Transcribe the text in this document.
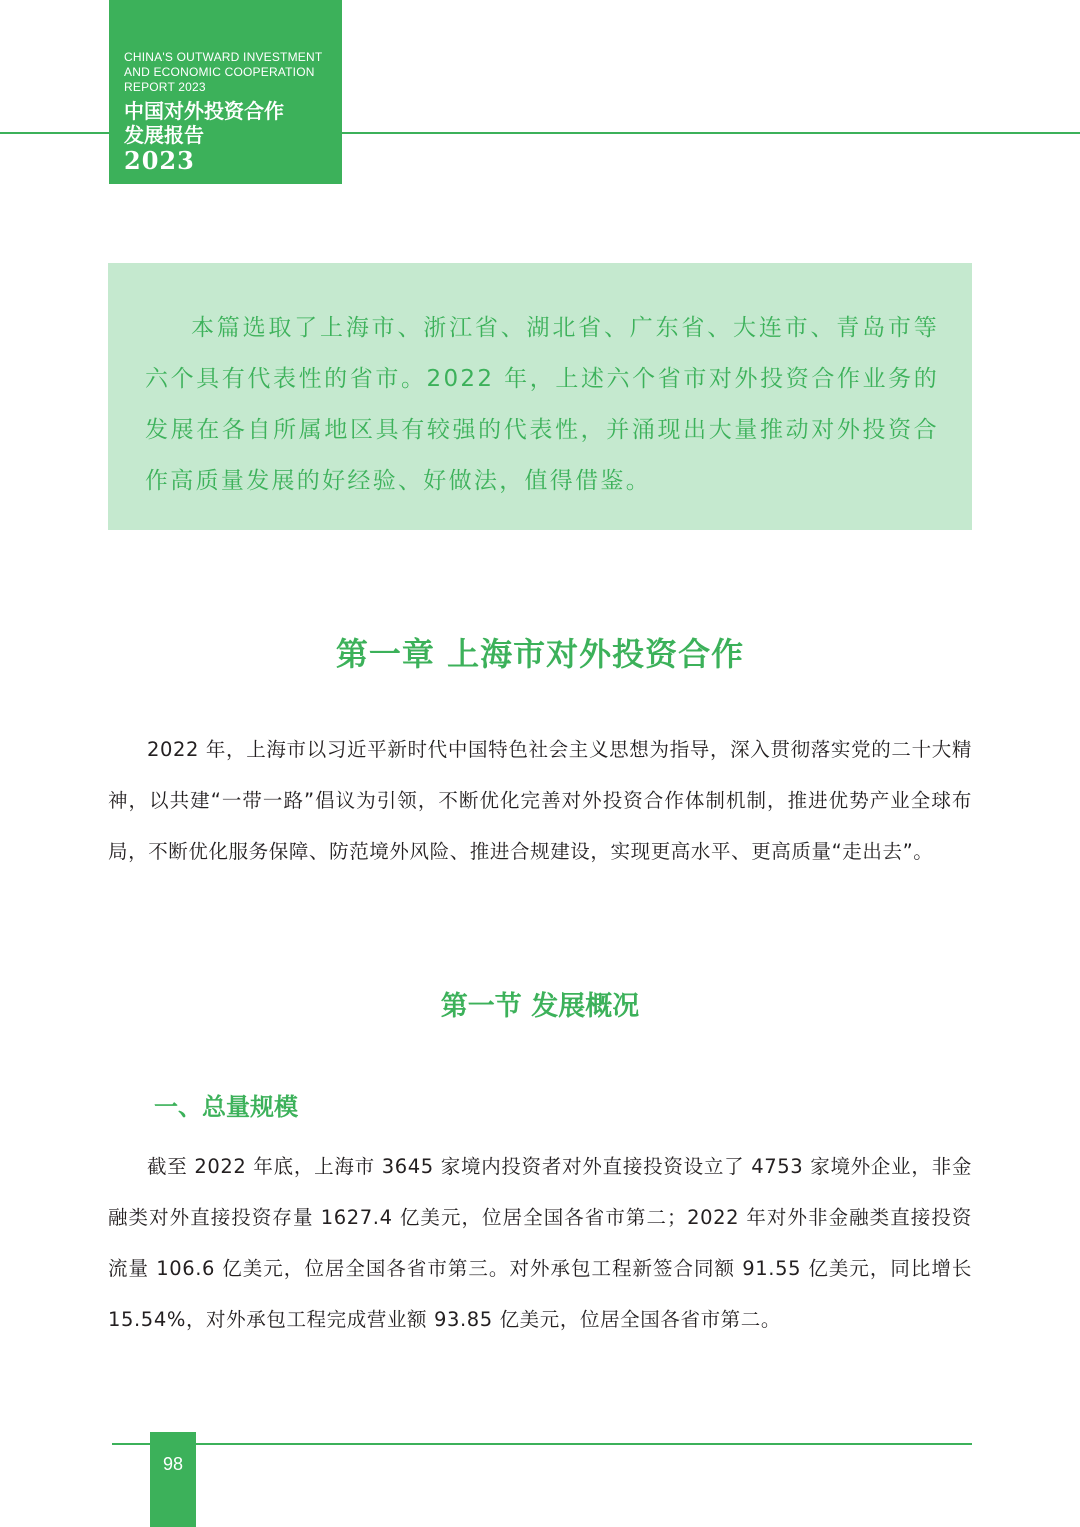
CHINA'S OUTWARD INVESTMENT
AND ECONOMIC COOPERATION
REPORT 2023
中国对外投资合作
发展报告
2023

本篇选取了上海市、浙江省、湖北省、广东省、大连市、青岛市等六个具有代表性的省市。2022 年，上述六个省市对外投资合作业务的发展在各自所属地区具有较强的代表性，并涌现出大量推动对外投资合作高质量发展的好经验、好做法，值得借鉴。

第一章 上海市对外投资合作

2022 年，上海市以习近平新时代中国特色社会主义思想为指导，深入贯彻落实党的二十大精神，以共建“一带一路”倡议为引领，不断优化完善对外投资合作体制机制，推进优势产业全球布局，不断优化服务保障、防范境外风险、推进合规建设，实现更高水平、更高质量“走出去”。

第一节 发展概况
一、总量规模

截至 2022 年底，上海市 3645 家境内投资者对外直接投资设立了 4753 家境外企业，非金融类对外直接投资存量 1627.4 亿美元，位居全国各省市第二；2022 年对外非金融类直接投资流量 106.6 亿美元，位居全国各省市第三。对外承包工程新签合同额 91.55 亿美元，同比增长 15.54%，对外承包工程完成营业额 93.85 亿美元，位居全国各省市第二。

98
